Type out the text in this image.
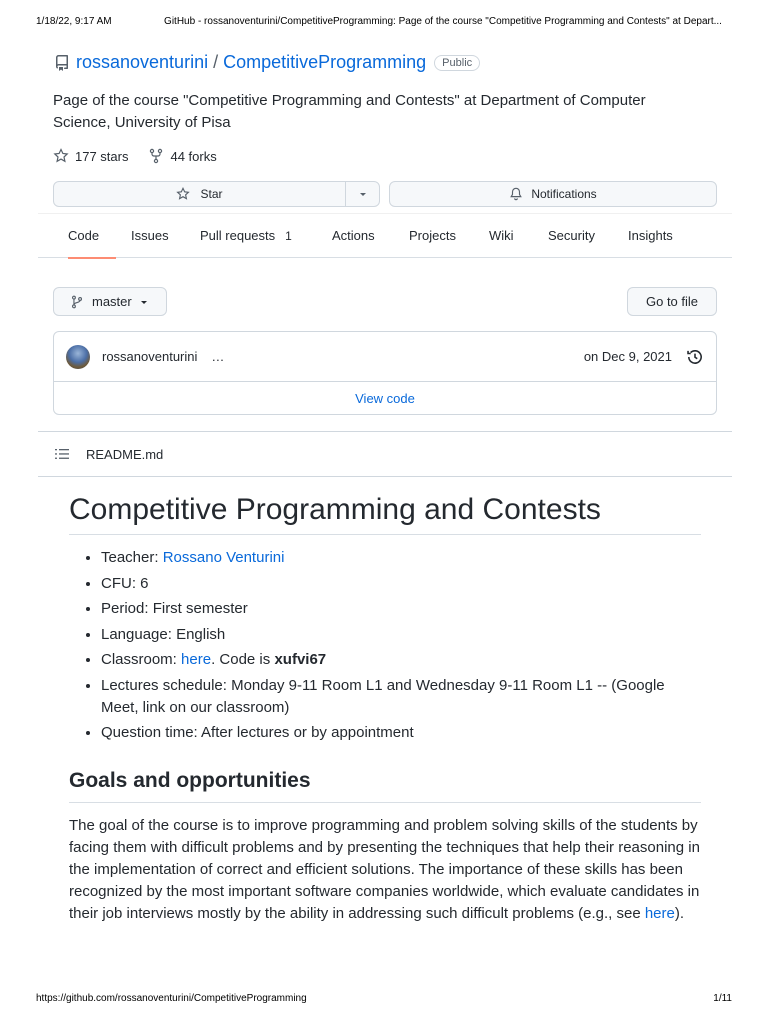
1/18/22, 9:17 AM	GitHub - rossanoventurini/CompetitiveProgramming: Page of the course "Competitive Programming and Contests" at Depart...
rossanoventurini / CompetitiveProgramming	Public
Page of the course "Competitive Programming and Contests" at Department of Computer Science, University of Pisa
177 stars	44 forks
Star	Notifications
Code	Issues Pull requests 1	Actions	Projects	Wiki	Security	Insights
master	Go to file
rossanoventurini …	on Dec 9, 2021
View code
README.md
Competitive Programming and Contests
• Teacher: Rossano Venturini
• CFU: 6
• Period: First semester
• Language: English
• Classroom: here. Code is xufvi67
• Lectures schedule: Monday 9-11 Room L1 and Wednesday 9-11 Room L1 -- (Google Meet, link on our classroom)
• Question time: After lectures or by appointment
Goals and opportunities

The goal of the course is to improve programming and problem solving skills of the students by facing them with difficult problems and by presenting the techniques that help their reasoning in the implementation of correct and efficient solutions. The importance of these skills has been recognized by the most important software companies worldwide, which evaluate candidates in their job interviews mostly by the ability in addressing such difficult problems (e.g., see here).

https://github.com/rossanoventurini/CompetitiveProgramming	1/11
